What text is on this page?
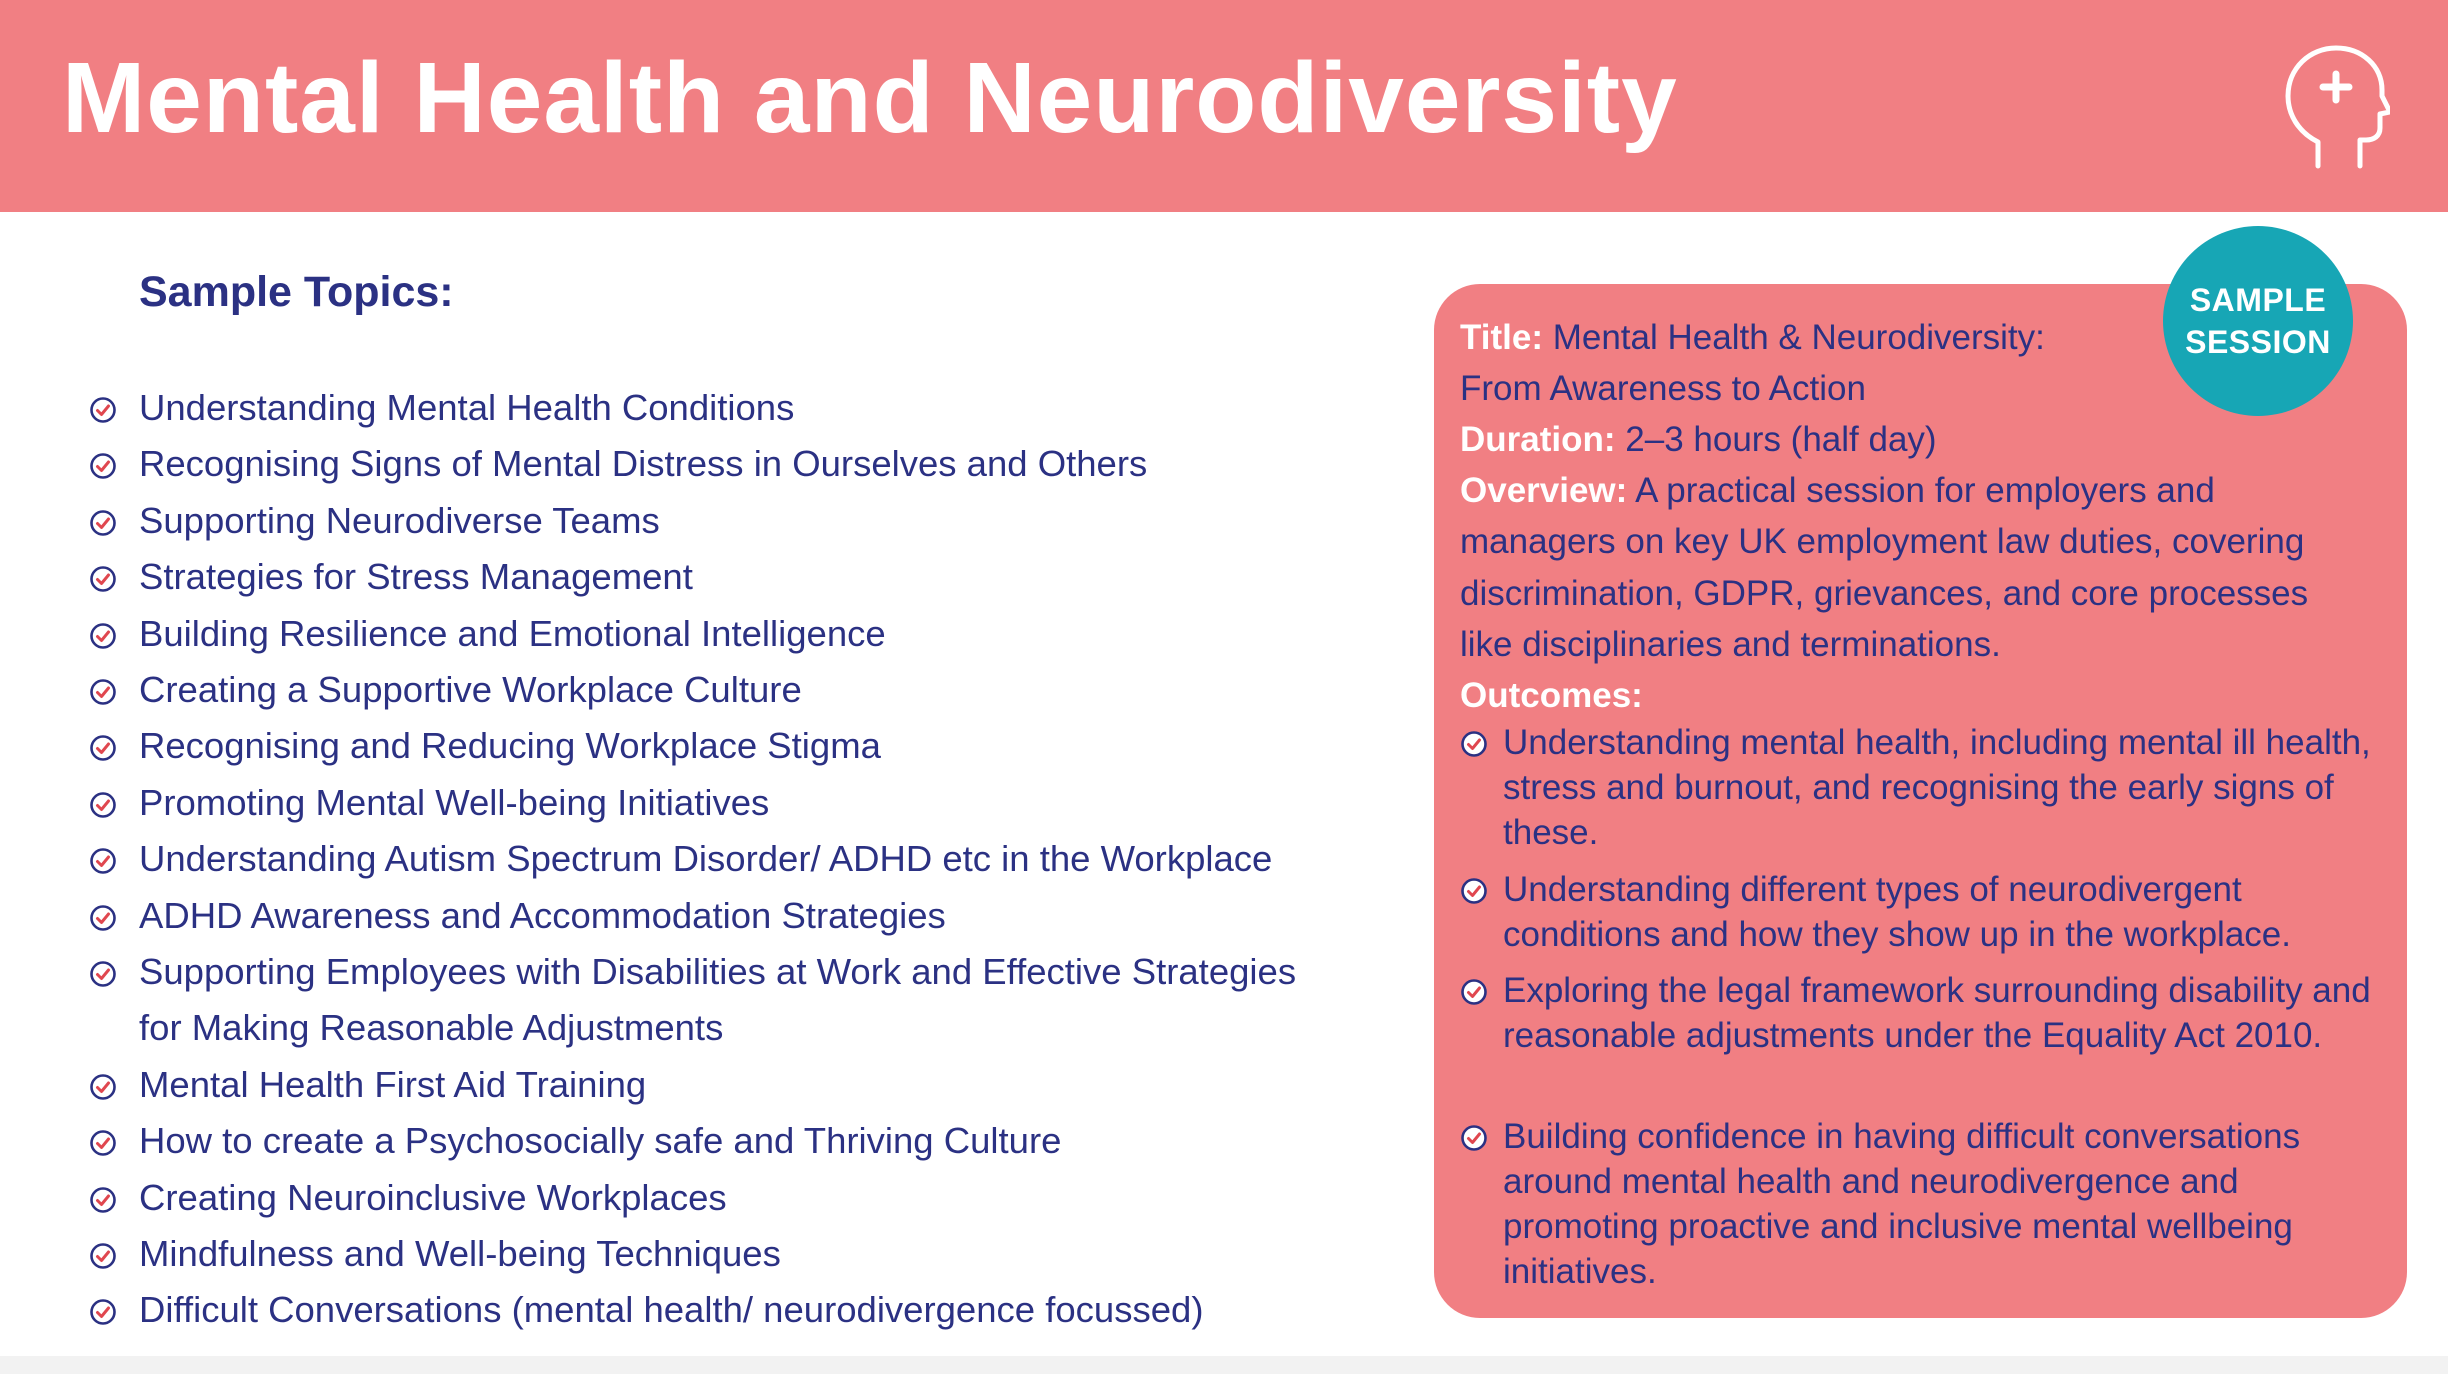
Mental Health and Neurodiversity
Sample Topics:
Understanding Mental Health Conditions
Recognising Signs of Mental Distress in Ourselves and Others
Supporting Neurodiverse Teams
Strategies for Stress Management
Building Resilience and Emotional Intelligence
Creating a Supportive Workplace Culture
Recognising and Reducing Workplace Stigma
Promoting Mental Well-being Initiatives
Understanding Autism Spectrum Disorder/ ADHD etc in the Workplace
ADHD Awareness and Accommodation Strategies
Supporting Employees with Disabilities at Work and Effective Strategies
for Making Reasonable Adjustments
Mental Health First Aid Training
How to create a Psychosocially safe and Thriving Culture
Creating Neuroinclusive Workplaces
Mindfulness and Well-being Techniques
Difficult Conversations (mental health/ neurodivergence focussed)
SAMPLE
SESSION
Title: Mental Health & Neurodiversity:
From Awareness to Action
Duration: 2–3 hours (half day)
Overview: A practical session for employers and
managers on key UK employment law duties, covering
discrimination, GDPR, grievances, and core processes
like disciplinaries and terminations.
Outcomes:
Understanding mental health, including mental ill health, stress and burnout, and recognising the early signs of these.
Understanding different types of neurodivergent conditions and how they show up in the workplace.
Exploring the legal framework surrounding disability and reasonable adjustments under the Equality Act 2010.
Building confidence in having difficult conversations around mental health and neurodivergence and promoting proactive and inclusive mental wellbeing initiatives.
